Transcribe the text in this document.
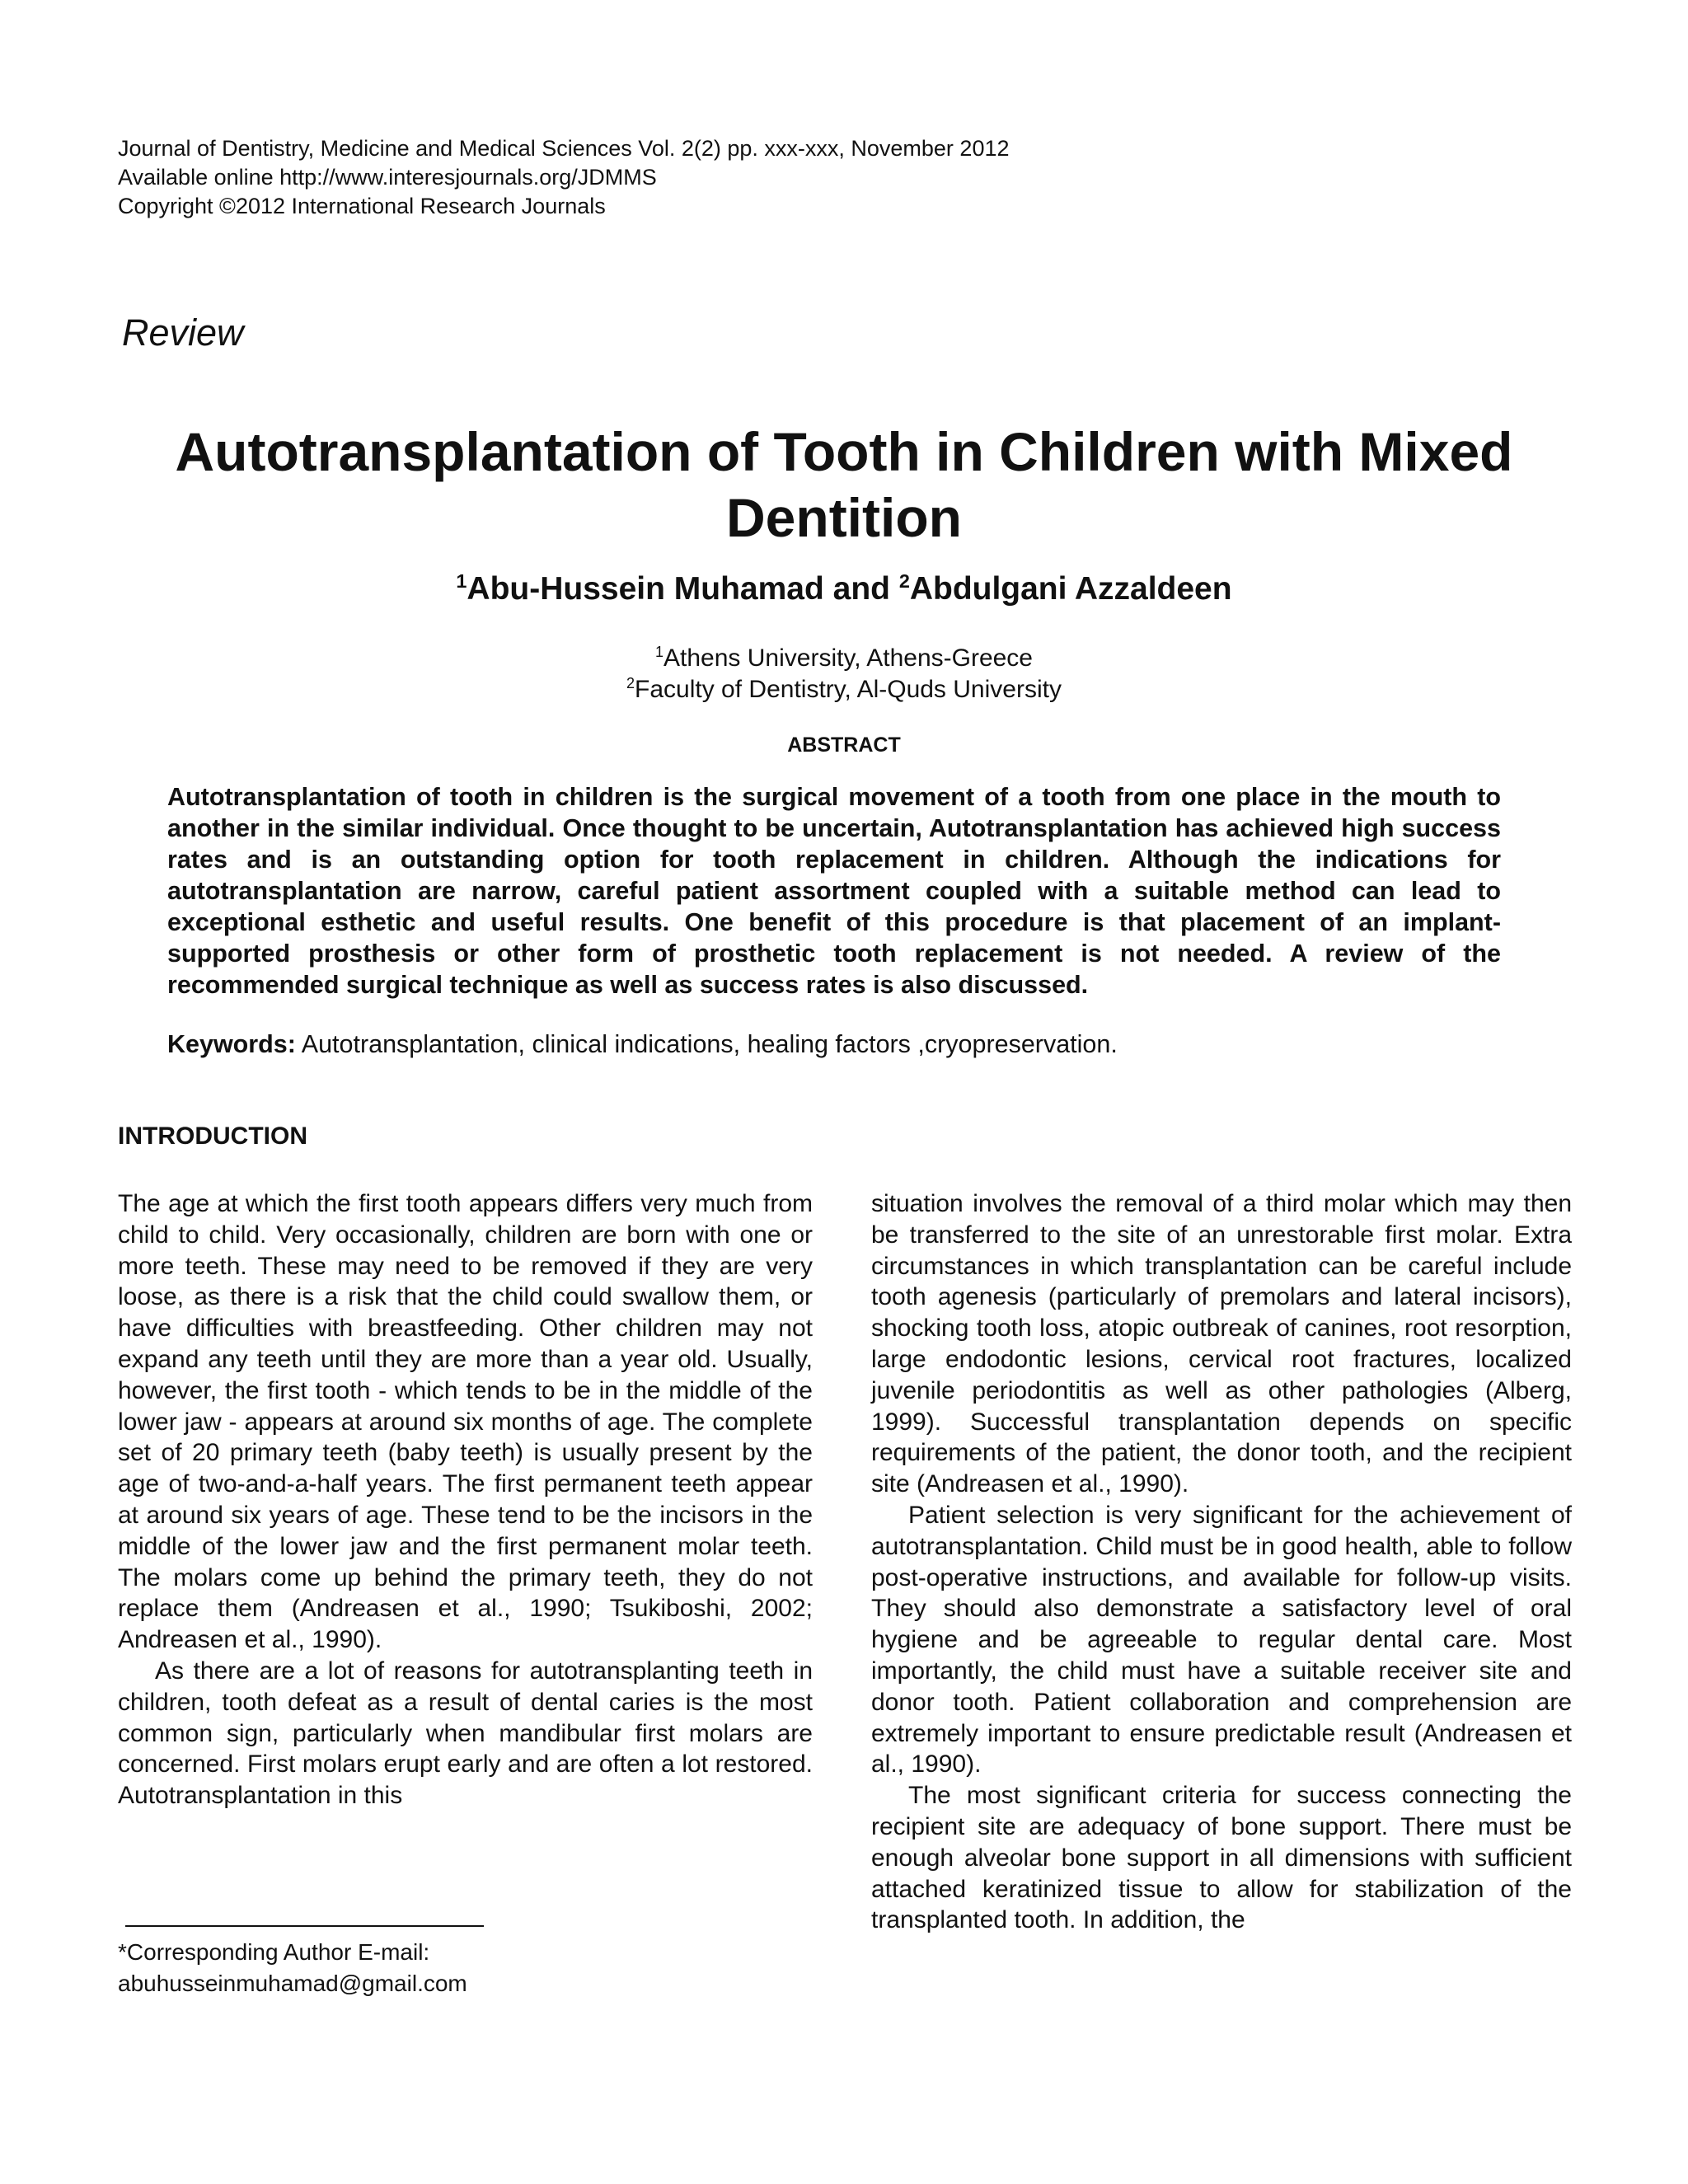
Journal of Dentistry, Medicine and Medical Sciences Vol. 2(2) pp. xxx-xxx, November 2012
Available online http://www.interesjournals.org/JDMMS
Copyright ©2012 International Research Journals
Review
Autotransplantation of Tooth in Children with Mixed Dentition
$^1$Abu-Hussein Muhamad and $^2$Abdulgani Azzaldeen
$^1$Athens University, Athens-Greece
$^2$Faculty of Dentistry, Al-Quds University
ABSTRACT
Autotransplantation of tooth in children is the surgical movement of a tooth from one place in the mouth to another in the similar individual. Once thought to be uncertain, Autotransplantation has achieved high success rates and is an outstanding option for tooth replacement in children. Although the indications for autotransplantation are narrow, careful patient assortment coupled with a suitable method can lead to exceptional esthetic and useful results. One benefit of this procedure is that placement of an implant-supported prosthesis or other form of prosthetic tooth replacement is not needed. A review of the recommended surgical technique as well as success rates is also discussed.
Keywords: Autotransplantation, clinical indications, healing factors ,cryopreservation.
INTRODUCTION

The age at which the first tooth appears differs very much from child to child. Very occasionally, children are born with one or more teeth. These may need to be removed if they are very loose, as there is a risk that the child could swallow them, or have difficulties with breastfeeding. Other children may not expand any teeth until they are more than a year old. Usually, however, the first tooth - which tends to be in the middle of the lower jaw - appears at around six months of age. The complete set of 20 primary teeth (baby teeth) is usually present by the age of two-and-a-half years. The first permanent teeth appear at around six years of age. These tend to be the incisors in the middle of the lower jaw and the first permanent molar teeth. The molars come up behind the primary teeth, they do not replace them (Andreasen et al., 1990; Tsukiboshi, 2002; Andreasen et al., 1990).

As there are a lot of reasons for autotransplanting teeth in children, tooth defeat as a result of dental caries is the most common sign, particularly when mandibular first molars are concerned. First molars erupt early and are often a lot restored. Autotransplantation in this

situation involves the removal of a third molar which may then be transferred to the site of an unrestorable first molar. Extra circumstances in which transplantation can be careful include tooth agenesis (particularly of premolars and lateral incisors), shocking tooth loss, atopic outbreak of canines, root resorption, large endodontic lesions, cervical root fractures, localized juvenile periodontitis as well as other pathologies (Alberg, 1999). Successful transplantation depends on specific requirements of the patient, the donor tooth, and the recipient site (Andreasen et al., 1990).

Patient selection is very significant for the achievement of autotransplantation. Child must be in good health, able to follow post-operative instructions, and available for follow-up visits. They should also demonstrate a satisfactory level of oral hygiene and be agreeable to regular dental care. Most importantly, the child must have a suitable receiver site and donor tooth. Patient collaboration and comprehension are extremely important to ensure predictable result (Andreasen et al., 1990).

The most significant criteria for success connecting the recipient site are adequacy of bone support. There must be enough alveolar bone support in all dimensions with sufficient attached keratinized tissue to allow for stabilization of the transplanted tooth. In addition, the

*Corresponding Author E-mail:
abuhusseinmuhamad@gmail.com
